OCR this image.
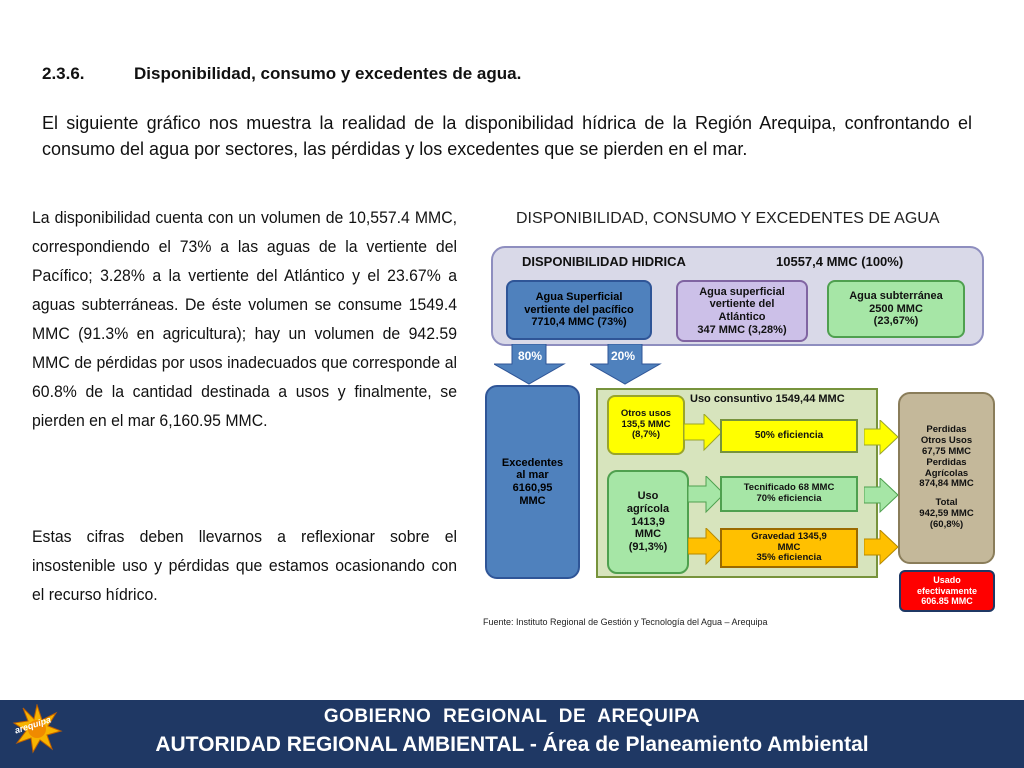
2.3.6.	Disponibilidad, consumo y excedentes de agua.
El siguiente gráfico nos muestra la realidad de la disponibilidad hídrica de la Región Arequipa, confrontando el consumo del agua por sectores, las pérdidas y los excedentes que se pierden en el mar.
La disponibilidad cuenta con un volumen de 10,557.4 MMC, correspondiendo el 73% a las aguas de la vertiente del Pacífico; 3.28% a la vertiente del Atlántico y el 23.67% a aguas subterráneas. De éste volumen se consume 1549.4 MMC (91.3% en agricultura); hay un volumen de 942.59 MMC de pérdidas por usos inadecuados que corresponde al 60.8% de la cantidad destinada a usos y finalmente, se pierden en el mar 6,160.95 MMC.
Estas cifras deben llevarnos a reflexionar sobre el insostenible uso y pérdidas que estamos ocasionando con el recurso hídrico.
DISPONIBILIDAD, CONSUMO Y EXCEDENTES DE AGUA
DISPONIBILIDAD HIDRICA	10557,4 MMC (100%)
Agua Superficial
vertiente del pacífico
7710,4 MMC (73%)
Agua superficial
vertiente del
Atlántico
347 MMC (3,28%)
Agua subterránea
2500 MMC
(23,67%)
80%	20%
Excedentes
al mar
6160,95
MMC
Uso consuntivo 1549,44 MMC
Otros usos
135,5 MMC
(8,7%)	50% eficiencia
Uso
agrícola
1413,9
MMC
(91,3%)
Tecnificado 68 MMC
70% eficiencia
Gravedad 1345,9
MMC
35% eficiencia
Perdidas
Otros Usos
67,75 MMC
Perdidas
Agrícolas
874,84 MMC
Total
942,59 MMC
(60,8%)
Usado
efectivamente
606.85 MMC
Fuente: Instituto Regional de Gestión y Tecnología del Agua – Arequipa
arequipa	GOBIERNO REGIONAL DE AREQUIPA
AUTORIDAD REGIONAL AMBIENTAL - Área de Planeamiento Ambiental
